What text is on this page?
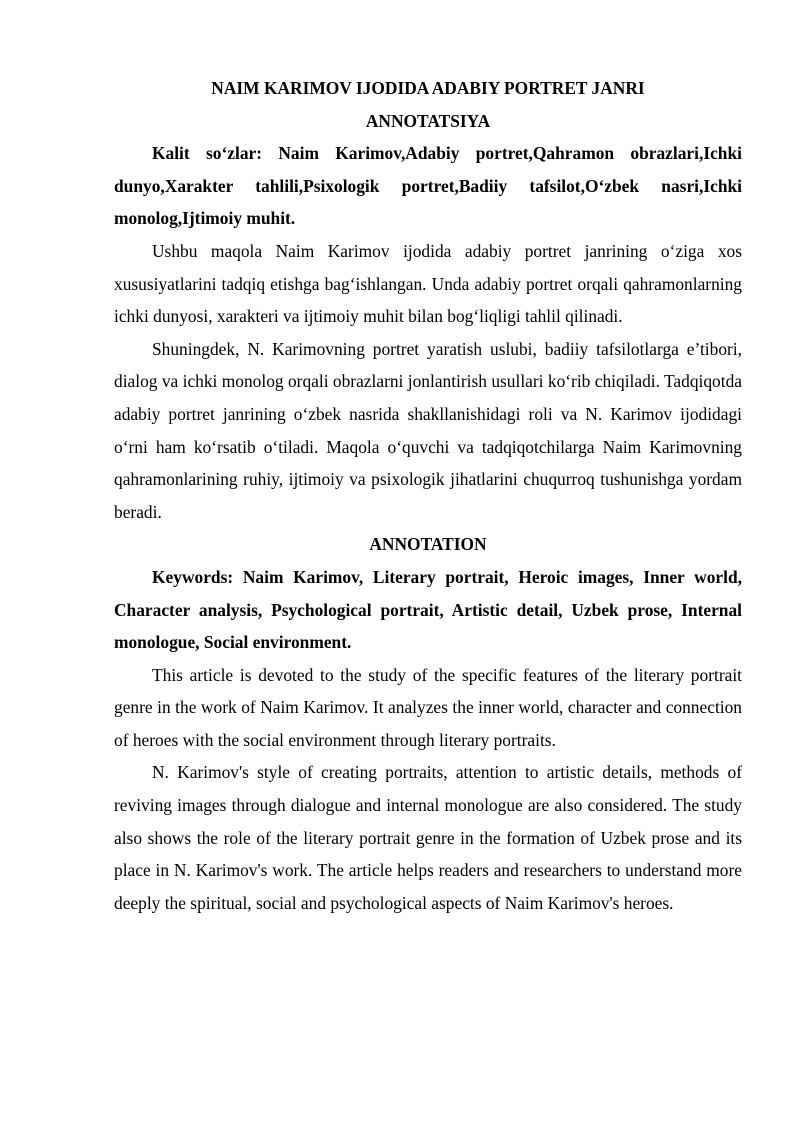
NAIM KARIMOV IJODIDA ADABIY PORTRET JANRI

ANNOTATSIYA

Kalit so‘zlar: Naim Karimov,Adabiy portret,Qahramon obrazlari,Ichki dunyo,Xarakter tahlili,Psixologik portret,Badiiy tafsilot,O‘zbek nasri,Ichki monolog,Ijtimoiy muhit.

Ushbu maqola Naim Karimov ijodida adabiy portret janrining o‘ziga xos xususiyatlarini tadqiq etishga bag‘ishlangan. Unda adabiy portret orqali qahramonlarning ichki dunyosi, xarakteri va ijtimoiy muhit bilan bog‘liqligi tahlil qilinadi.

Shuningdek, N. Karimovning portret yaratish uslubi, badiiy tafsilotlarga e’tibori, dialog va ichki monolog orqali obrazlarni jonlantirish usullari ko‘rib chiqiladi. Tadqiqotda adabiy portret janrining o‘zbek nasrida shakllanishidagi roli va N. Karimov ijodidagi o‘rni ham ko‘rsatib o‘tiladi. Maqola o‘quvchi va tadqiqotchilarga Naim Karimovning qahramonlarining ruhiy, ijtimoiy va psixologik jihatlarini chuqurroq tushunishga yordam beradi.

ANNOTATION

Keywords: Naim Karimov, Literary portrait, Heroic images, Inner world, Character analysis, Psychological portrait, Artistic detail, Uzbek prose, Internal monologue, Social environment.

This article is devoted to the study of the specific features of the literary portrait genre in the work of Naim Karimov. It analyzes the inner world, character and connection of heroes with the social environment through literary portraits.

N. Karimov's style of creating portraits, attention to artistic details, methods of reviving images through dialogue and internal monologue are also considered. The study also shows the role of the literary portrait genre in the formation of Uzbek prose and its place in N. Karimov's work. The article helps readers and researchers to understand more deeply the spiritual, social and psychological aspects of Naim Karimov's heroes.
